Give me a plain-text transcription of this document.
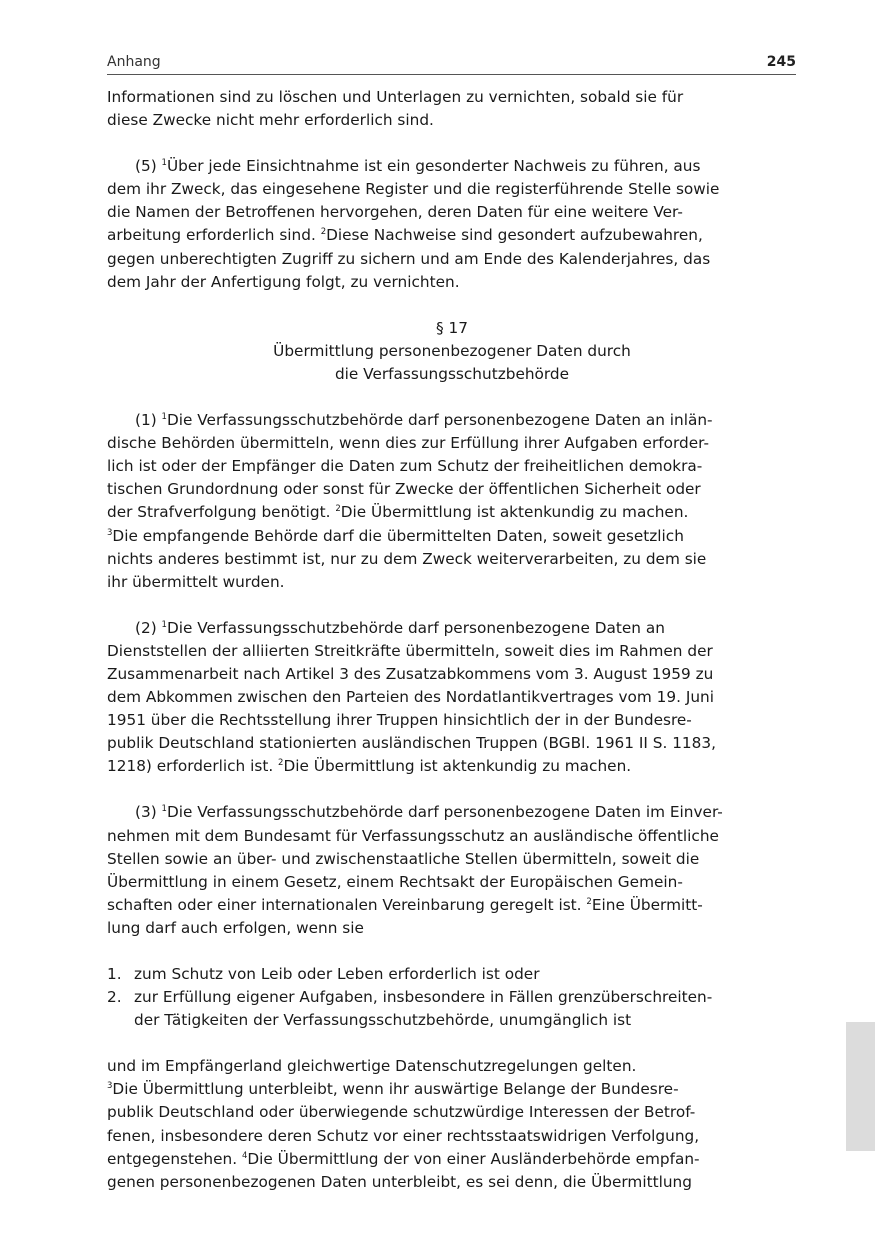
Anhang	245
Informationen sind zu löschen und Unterlagen zu vernichten, sobald sie für
diese Zwecke nicht mehr erforderlich sind.
(5) $^1$Über jede Einsichtnahme ist ein gesonderter Nachweis zu führen, aus
dem ihr Zweck, das eingesehene Register und die registerführende Stelle sowie
die Namen der Betroffenen hervorgehen, deren Daten für eine weitere Ver-
arbeitung erforderlich sind. $^2$Diese Nachweise sind gesondert aufzubewahren,
gegen unberechtigten Zugriff zu sichern und am Ende des Kalenderjahres, das
dem Jahr der Anfertigung folgt, zu vernichten.
§ 17
Übermittlung personenbezogener Daten durch
die Verfassungsschutzbehörde
(1) $^1$Die Verfassungsschutzbehörde darf personenbezogene Daten an inlän-
dische Behörden übermitteln, wenn dies zur Erfüllung ihrer Aufgaben erforder-
lich ist oder der Empfänger die Daten zum Schutz der freiheitlichen demokra-
tischen Grundordnung oder sonst für Zwecke der öffentlichen Sicherheit oder
der Strafverfolgung benötigt. $^2$Die Übermittlung ist aktenkundig zu machen.
$^3$Die empfangende Behörde darf die übermittelten Daten, soweit gesetzlich
nichts anderes bestimmt ist, nur zu dem Zweck weiterverarbeiten, zu dem sie
ihr übermittelt wurden.
(2) $^1$Die Verfassungsschutzbehörde darf personenbezogene Daten an
Dienststellen der alliierten Streitkräfte übermitteln, soweit dies im Rahmen der
Zusammenarbeit nach Artikel 3 des Zusatzabkommens vom 3. August 1959 zu
dem Abkommen zwischen den Parteien des Nordatlantikvertrages vom 19. Juni
1951 über die Rechtsstellung ihrer Truppen hinsichtlich der in der Bundesre-
publik Deutschland stationierten ausländischen Truppen (BGBl. 1961 II S. 1183,
1218) erforderlich ist. $^2$Die Übermittlung ist aktenkundig zu machen.
(3) $^1$Die Verfassungsschutzbehörde darf personenbezogene Daten im Einver-
nehmen mit dem Bundesamt für Verfassungsschutz an ausländische öffentliche
Stellen sowie an über- und zwischenstaatliche Stellen übermitteln, soweit die
Übermittlung in einem Gesetz, einem Rechtsakt der Europäischen Gemein-
schaften oder einer internationalen Vereinbarung geregelt ist. $^2$Eine Übermitt-
lung darf auch erfolgen, wenn sie
1. zum Schutz von Leib oder Leben erforderlich ist oder
2. zur Erfüllung eigener Aufgaben, insbesondere in Fällen grenzüberschreiten-
der Tätigkeiten der Verfassungsschutzbehörde, unumgänglich ist
und im Empfängerland gleichwertige Datenschutzregelungen gelten.
$^3$Die Übermittlung unterbleibt, wenn ihr auswärtige Belange der Bundesre-
publik Deutschland oder überwiegende schutzwürdige Interessen der Betrof-
fenen, insbesondere deren Schutz vor einer rechtsstaatswidrigen Verfolgung,
entgegenstehen. $^4$Die Übermittlung der von einer Ausländerbehörde empfan-
genen personenbezogenen Daten unterbleibt, es sei denn, die Übermittlung
